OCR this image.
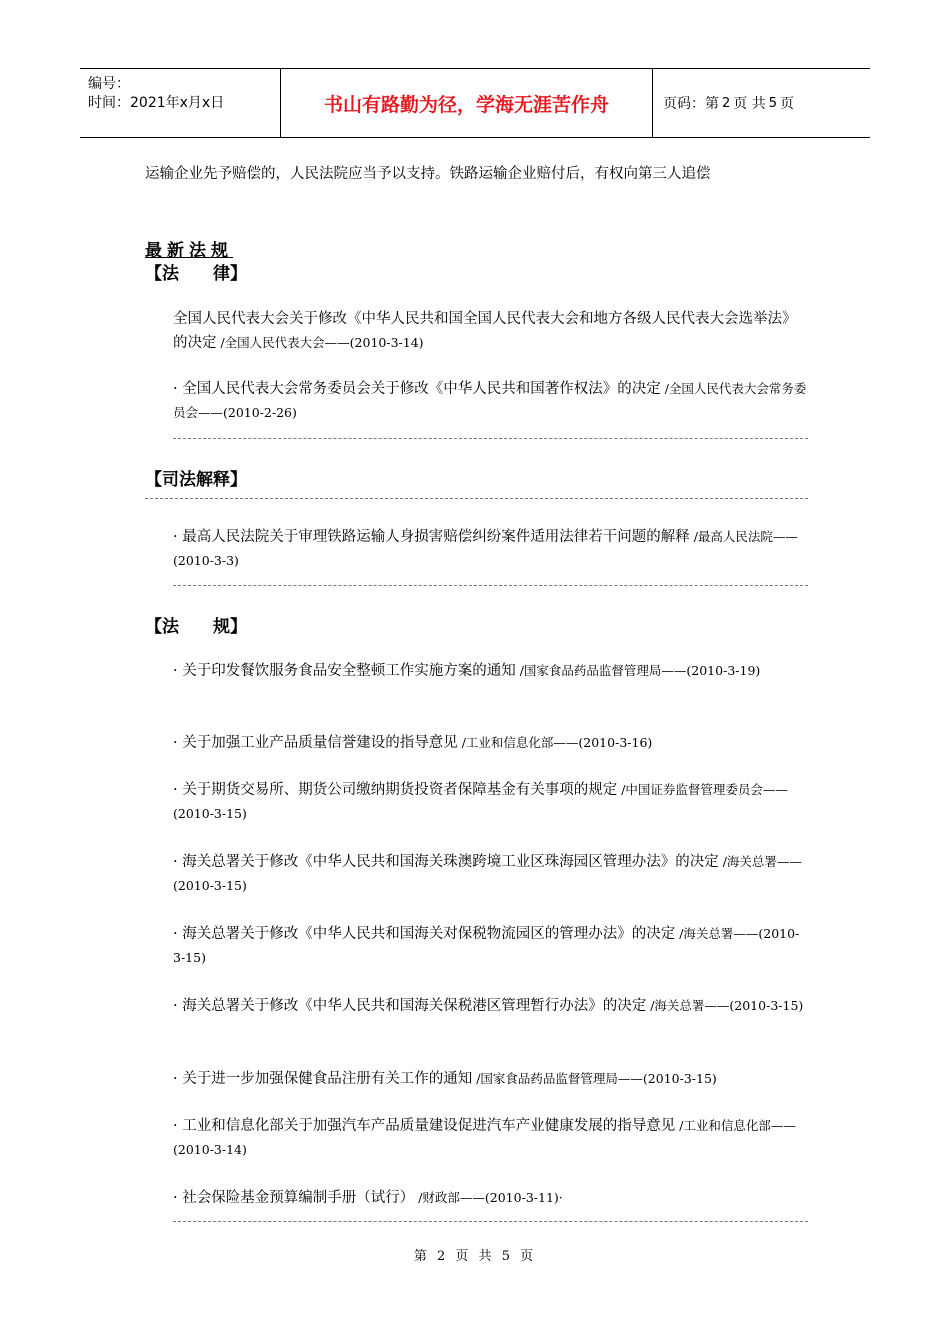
编号：
时间：2021年x月x日	书山有路勤为径，学海无涯苦作舟	页码：第 2 页 共 5 页
运输企业先予赔偿的，人民法院应当予以支持。铁路运输企业赔付后，有权向第三人追偿
最新法规
【法　　律】
全国人民代表大会关于修改《中华人民共和国全国人民代表大会和地方各级人民代表大会选举法》的决定 /全国人民代表大会——(2010-3-14)
· 全国人民代表大会常务委员会关于修改《中华人民共和国著作权法》的决定 /全国人民代表大会常务委员会——(2010-2-26)
【司法解释】
· 最高人民法院关于审理铁路运输人身损害赔偿纠纷案件适用法律若干问题的解释 /最高人民法院——(2010-3-3)
【法　　规】
· 关于印发餐饮服务食品安全整顿工作实施方案的通知 /国家食品药品监督管理局——(2010-3-19)
· 关于加强工业产品质量信誉建设的指导意见 /工业和信息化部——(2010-3-16)
· 关于期货交易所、期货公司缴纳期货投资者保障基金有关事项的规定 /中国证券监督管理委员会——(2010-3-15)
· 海关总署关于修改《中华人民共和国海关珠澳跨境工业区珠海园区管理办法》的决定 /海关总署——(2010-3-15)
· 海关总署关于修改《中华人民共和国海关对保税物流园区的管理办法》的决定 /海关总署——(2010-3-15)
· 海关总署关于修改《中华人民共和国海关保税港区管理暂行办法》的决定 /海关总署——(2010-3-15)
· 关于进一步加强保健食品注册有关工作的通知 /国家食品药品监督管理局——(2010-3-15)
· 工业和信息化部关于加强汽车产品质量建设促进汽车产业健康发展的指导意见 /工业和信息化部——(2010-3-14)
· 社会保险基金预算编制手册（试行） /财政部——(2010-3-11)·
第 2 页 共 5 页
